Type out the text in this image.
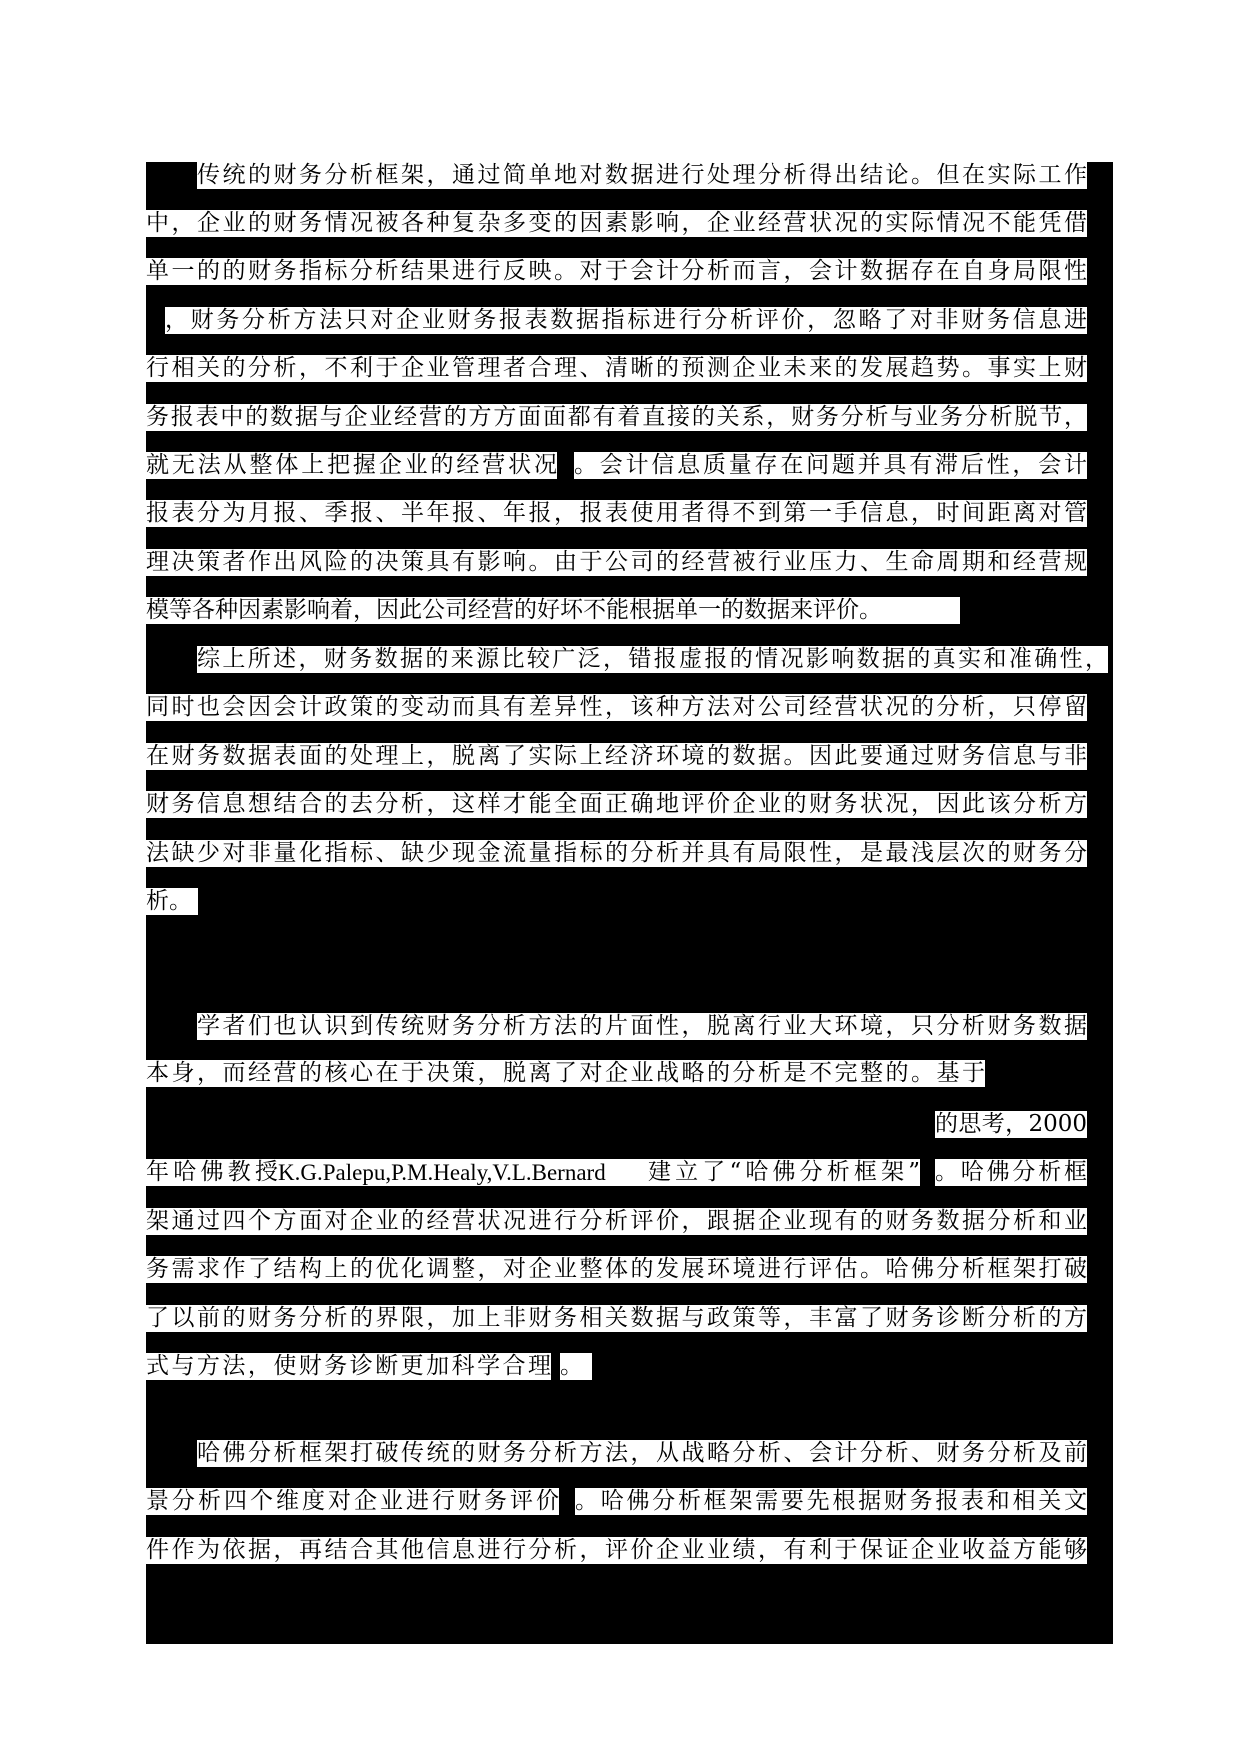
传统的财务分析框架，通过简单地对数据进行处理分析得出结论。但在实际工作
中，企业的财务情况被各种复杂多变的因素影响，企业经营状况的实际情况不能凭借
单一的的财务指标分析结果进行反映。对于会计分析而言，会计数据存在自身局限性
，财务分析方法只对企业财务报表数据指标进行分析评价，忽略了对非财务信息进
行相关的分析，不利于企业管理者合理、清晰的预测企业未来的发展趋势。事实上财
务报表中的数据与企业经营的方方面面都有着直接的关系，财务分析与业务分析脱节，
就无法从整体上把握企业的经营状况 。会计信息质量存在问题并具有滞后性，会计
报表分为月报、季报、半年报、年报，报表使用者得不到第一手信息，时间距离对管
理决策者作出风险的决策具有影响。由于公司的经营被行业压力、生命周期和经营规
模等各种因素影响着，因此公司经营的好坏不能根据单一的数据来评价。
综上所述，财务数据的来源比较广泛，错报虚报的情况影响数据的真实和准确性，
同时也会因会计政策的变动而具有差异性，该种方法对公司经营状况的分析，只停留
在财务数据表面的处理上，脱离了实际上经济环境的数据。因此要通过财务信息与非
财务信息想结合的去分析，这样才能全面正确地评价企业的财务状况，因此该分析方
法缺少对非量化指标、缺少现金流量指标的分析并具有局限性，是最浅层次的财务分
析。
学者们也认识到传统财务分析方法的片面性，脱离行业大环境，只分析财务数据
本身，而经营的核心在于决策，脱离了对企业战略的分析是不完整的。基于
的思考，2000
年哈佛教授 K.G.Palepu,P.M.Healy,V.L.Bernard	建立了“哈佛分析框架” 。哈佛分析框
架通过四个方面对企业的经营状况进行分析评价，跟据企业现有的财务数据分析和业
务需求作了结构上的优化调整，对企业整体的发展环境进行评估。哈佛分析框架打破
了以前的财务分析的界限，加上非财务相关数据与政策等，丰富了财务诊断分析的方
式与方法，使财务诊断更加科学合理 。
哈佛分析框架打破传统的财务分析方法，从战略分析、会计分析、财务分析及前
景分析四个维度对企业进行财务评价 。哈佛分析框架需要先根据财务报表和相关文
件作为依据，再结合其他信息进行分析，评价企业业绩，有利于保证企业收益方能够
